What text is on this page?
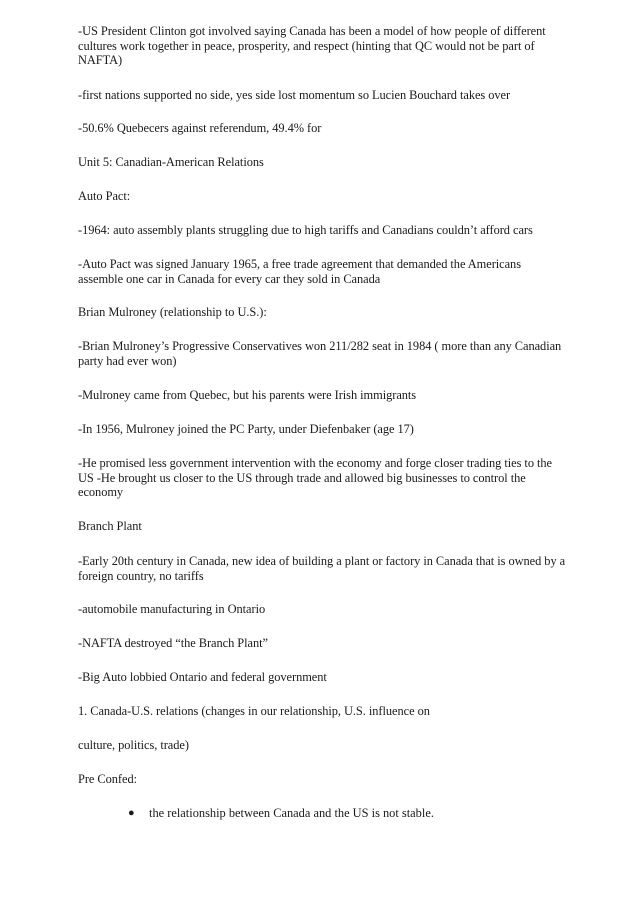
-US President Clinton got involved saying Canada has been a model of how people of different cultures work together in peace, prosperity, and respect (hinting that QC would not be part of NAFTA)

-first nations supported no side, yes side lost momentum so Lucien Bouchard takes over

-50.6% Quebecers against referendum, 49.4% for

Unit 5: Canadian-American Relations

Auto Pact:

-1964: auto assembly plants struggling due to high tariffs and Canadians couldn’t afford cars

-Auto Pact was signed January 1965, a free trade agreement that demanded the Americans assemble one car in Canada for every car they sold in Canada

Brian Mulroney (relationship to U.S.):

-Brian Mulroney’s Progressive Conservatives won 211/282 seat in 1984 ( more than any Canadian party had ever won)

-Mulroney came from Quebec, but his parents were Irish immigrants

-In 1956, Mulroney joined the PC Party, under Diefenbaker (age 17)

-He promised less government intervention with the economy and forge closer trading ties to the US -He brought us closer to the US through trade and allowed big businesses to control the economy

Branch Plant

-Early 20th century in Canada, new idea of building a plant or factory in Canada that is owned by a foreign country, no tariffs

-automobile manufacturing in Ontario

-NAFTA destroyed “the Branch Plant”

-Big Auto lobbied Ontario and federal government

1. Canada-U.S. relations (changes in our relationship, U.S. influence on

culture, politics, trade)

Pre Confed:

● the relationship between Canada and the US is not stable.
